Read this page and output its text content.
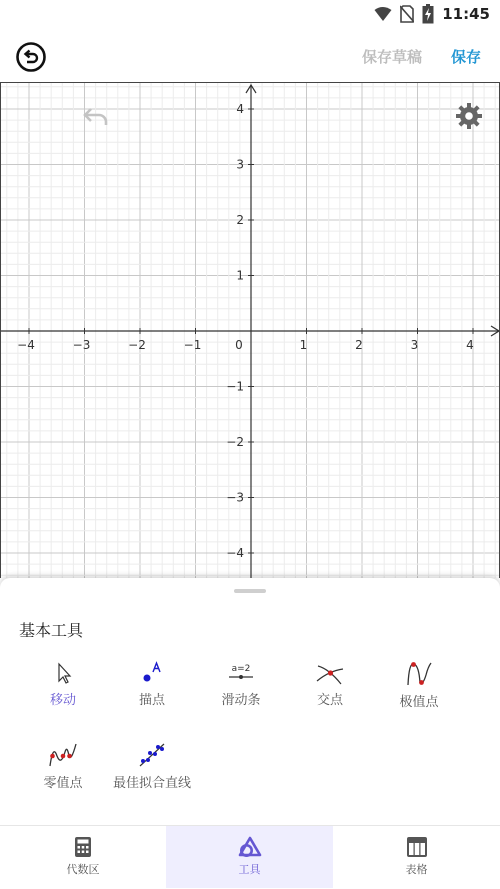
11:45
保存草稿 保存
−4	−3	−2	−1	0	1	2	3	4
4
3
2
1
−1
−2
−3
−4
基本工具
移动	描点
a=2
滑动条	交点	极值点
零值点	最佳拟合直线
代数区	工具	表格
